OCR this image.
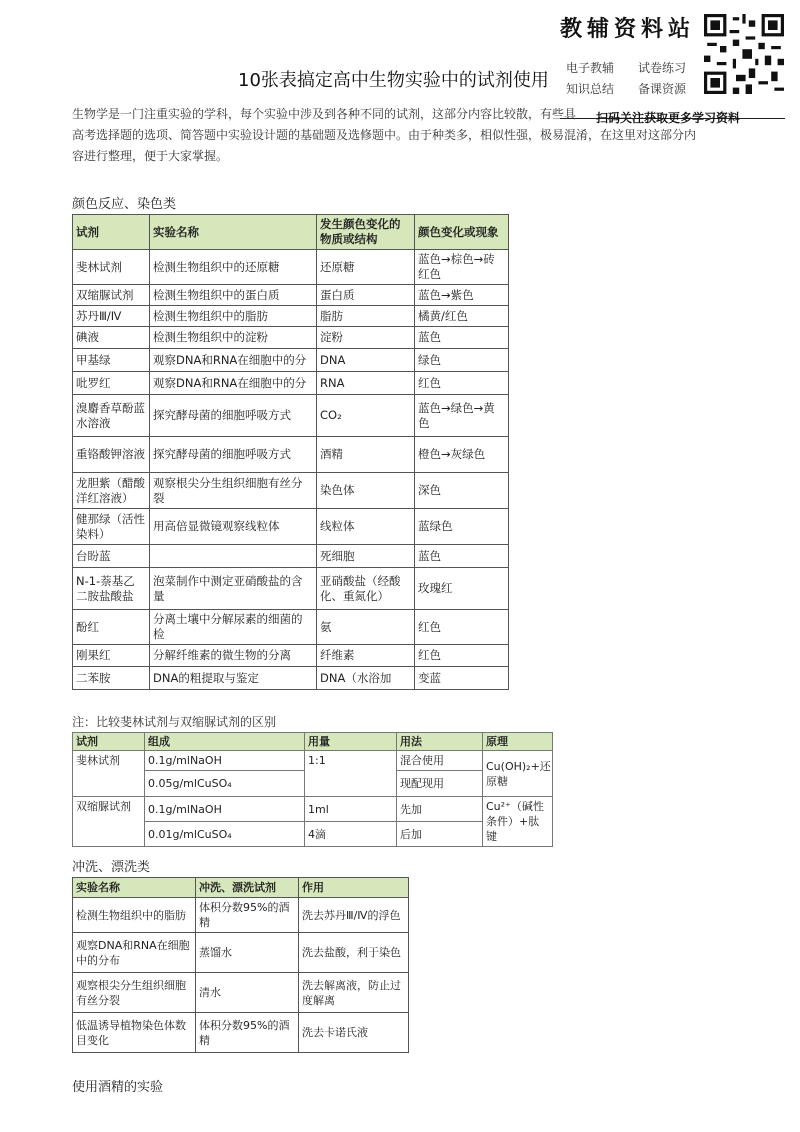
教辅资料站
电子教辅 试卷练习
知识总结 备课资源
扫码关注获取更多学习资料
10张表搞定高中生物实验中的试剂使用

生物学是一门注重实验的学科，每个实验中涉及到各种不同的试剂，这部分内容比较散，有些具

高考选择题的选项、简答题中实验设计题的基础题及选修题中。由于种类多，相似性强，极易混淆，在这里对这部分内

容进行整理，便于大家掌握。

颜色反应、染色类
试剂	实验名称	发生颜色变化的物质或结构	颜色变化或现象
斐林试剂	检测生物组织中的还原糖	还原糖	蓝色→棕色→砖红色
双缩脲试剂	检测生物组织中的蛋白质	蛋白质	蓝色→紫色
苏丹Ⅲ/Ⅳ	检测生物组织中的脂肪	脂肪	橘黄/红色
碘液	检测生物组织中的淀粉	淀粉	蓝色
甲基绿	观察DNA和RNA在细胞中的分	DNA	绿色
吡罗红	观察DNA和RNA在细胞中的分	RNA	红色
溴麝香草酚蓝水溶液	探究酵母菌的细胞呼吸方式	CO₂	蓝色→绿色→黄色
重铬酸钾溶液	探究酵母菌的细胞呼吸方式	酒精	橙色→灰绿色
龙胆紫（醋酸洋红溶液）	观察根尖分生组织细胞有丝分裂	染色体	深色
健那绿（活性染料）	用高倍显微镜观察线粒体	线粒体	蓝绿色
台盼蓝		死细胞	蓝色
N-1-萘基乙二胺盐酸盐	泡菜制作中测定亚硝酸盐的含量	亚硝酸盐（经酸化、重氮化）	玫瑰红
酚红	分离土壤中分解尿素的细菌的检	氨	红色
刚果红	分解纤维素的微生物的分离	纤维素	红色
二苯胺	DNA的粗提取与鉴定	DNA（水浴加	变蓝
注：比较斐林试剂与双缩脲试剂的区别
试剂	组成	用量	用法	原理
斐林试剂	0.1g/mlNaOH	1:1	混合使用	Cu(OH)₂+还原糖
	0.05g/mlCuSO₄		现配现用	
双缩脲试剂	0.1g/mlNaOH	1ml	先加	Cu²⁺（碱性条件）+肽键
	0.01g/mlCuSO₄	4滴	后加	
冲洗、漂洗类
实验名称	冲洗、漂洗试剂	作用
检测生物组织中的脂肪	体积分数95%的酒精	洗去苏丹Ⅲ/Ⅳ的浮色
观察DNA和RNA在细胞中的分布	蒸馏水	洗去盐酸，利于染色
观察根尖分生组织细胞有丝分裂	清水	洗去解离液，防止过度解离
低温诱导植物染色体数目变化	体积分数95%的酒精	洗去卡诺氏液
使用酒精的实验
